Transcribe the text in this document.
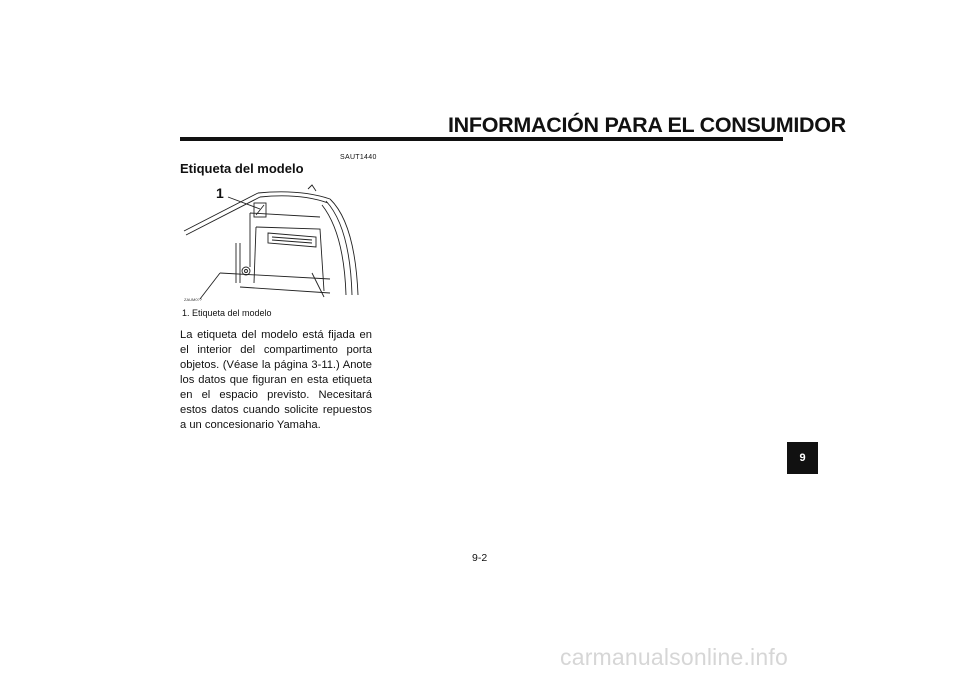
INFORMACIÓN PARA EL CONSUMIDOR
SAUT1440
Etiqueta del modelo
1
ZAUM0??
1. Etiqueta del modelo

La etiqueta del modelo está fijada en el interior del compartimento porta objetos. (Véase la página 3-11.) Anote los datos que figuran en esta etiqueta en el espacio previsto. Necesitará estos datos cuando solicite repuestos a un concesionario Yamaha.

9
9-2
carmanualsonline.info
